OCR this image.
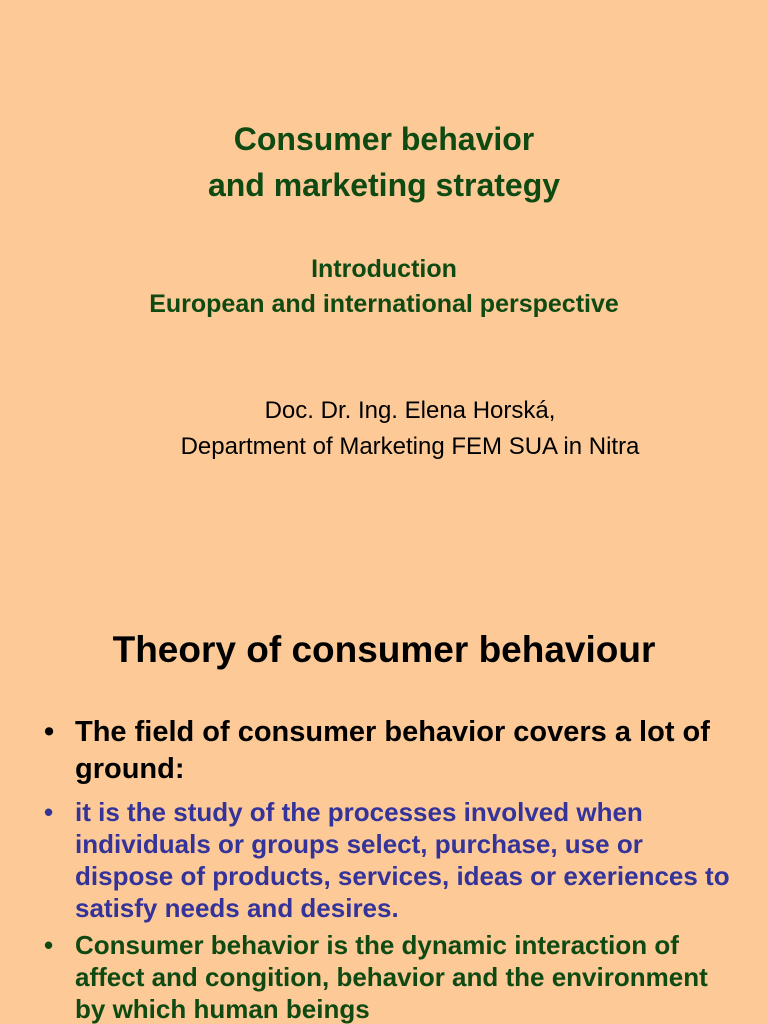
Consumer behavior
and marketing strategy
Introduction
European and international perspective
Doc. Dr. Ing. Elena Horská,
Department of Marketing FEM SUA in Nitra
Theory of consumer behaviour
• The field of consumer behavior covers a lot of ground:
• it is the study of the processes involved when individuals or groups select, purchase, use or dispose of products, services, ideas or exeriences to satisfy needs and desires.
• Consumer behavior is the dynamic interaction of affect and congition, behavior and the environment by which human beings
